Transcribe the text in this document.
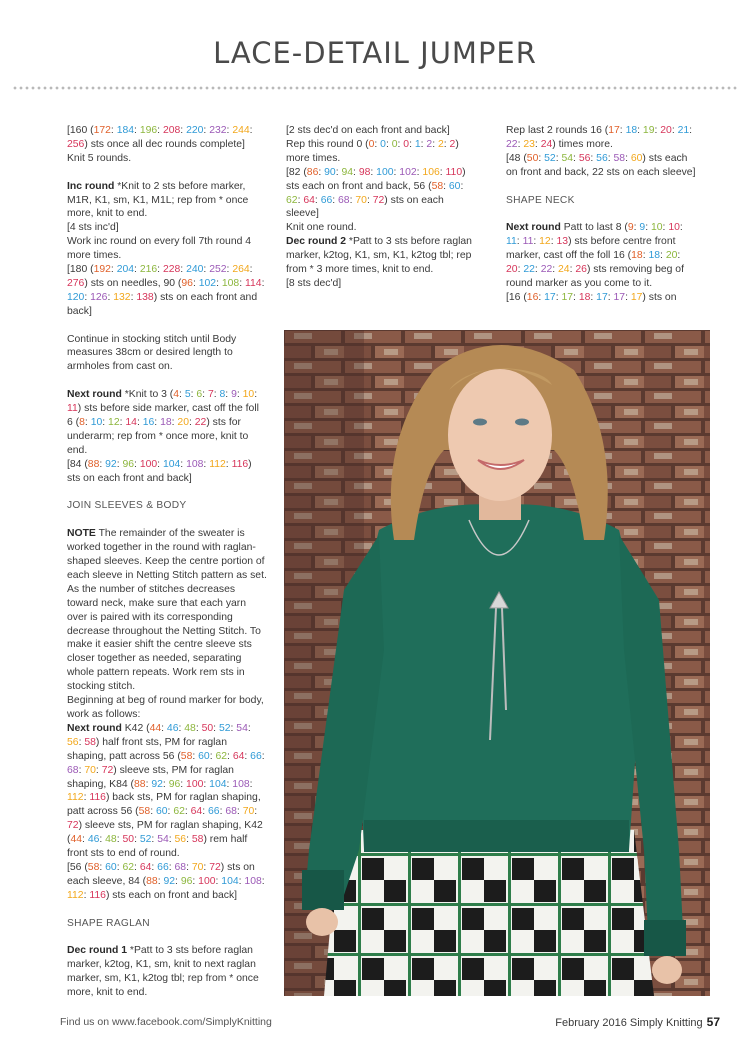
LACE-DETAIL JUMPER

[160 (172: 184: 196: 208: 220: 232: 244: 256) sts once all dec rounds complete]

Knit 5 rounds.

Inc round *Knit to 2 sts before marker, M1R, K1, sm, K1, M1L; rep from * once more, knit to end.

[4 sts inc'd]

Work inc round on every foll 7th round 4 more times.

[180 (192: 204: 216: 228: 240: 252: 264: 276) sts on needles, 90 (96: 102: 108: 114: 120: 126: 132: 138) sts on each front and back]

Continue in stocking stitch until Body measures 38cm or desired length to armholes from cast on.

Next round *Knit to 3 (4: 5: 6: 7: 8: 9: 10: 11) sts before side marker, cast off the foll 6 (8: 10: 12: 14: 16: 18: 20: 22) sts for underarm; rep from * once more, knit to end.

[84 (88: 92: 96: 100: 104: 108: 112: 116) sts on each front and back]

JOIN SLEEVES & BODY

NOTE The remainder of the sweater is worked together in the round with raglan-shaped sleeves. Keep the centre portion of each sleeve in Netting Stitch pattern as set. As the number of stitches decreases toward neck, make sure that each yarn over is paired with its corresponding decrease throughout the Netting Stitch. To make it easier shift the centre sleeve sts closer together as needed, separating whole pattern repeats. Work rem sts in stocking stitch.

Beginning at beg of round marker for body, work as follows:

Next round K42 (44: 46: 48: 50: 52: 54: 56: 58) half front sts, PM for raglan shaping, patt across 56 (58: 60: 62: 64: 66: 68: 70: 72) sleeve sts, PM for raglan shaping, K84 (88: 92: 96: 100: 104: 108: 112: 116) back sts, PM for raglan shaping, patt across 56 (58: 60: 62: 64: 66: 68: 70: 72) sleeve sts, PM for raglan shaping, K42 (44: 46: 48: 50: 52: 54: 56: 58) rem half front sts to end of round.

[56 (58: 60: 62: 64: 66: 68: 70: 72) sts on each sleeve, 84 (88: 92: 96: 100: 104: 108: 112: 116) sts each on front and back]

SHAPE RAGLAN

Dec round 1 *Patt to 3 sts before raglan marker, k2tog, K1, sm, knit to next raglan marker, sm, K1, k2tog tbl; rep from * once more, knit to end.

[2 sts dec'd on each front and back]

Rep this round 0 (0: 0: 0: 0: 1: 2: 2: 2) more times.

[82 (86: 90: 94: 98: 100: 102: 106: 110) sts each on front and back, 56 (58: 60: 62: 64: 66: 68: 70: 72) sts on each sleeve]

Knit one round.

Dec round 2 *Patt to 3 sts before raglan marker, k2tog, K1, sm, K1, k2tog tbl; rep from * 3 more times, knit to end.

[8 sts dec'd]

Rep last 2 rounds 16 (17: 18: 19: 20: 21: 22: 23: 24) times more.

[48 (50: 52: 54: 56: 56: 58: 60) sts each on front and back, 22 sts on each sleeve]

SHAPE NECK

Next round Patt to last 8 (9: 9: 10: 10: 11: 11: 12: 13) sts before centre front marker, cast off the foll 16 (18: 18: 20: 20: 22: 22: 24: 26) sts removing beg of round marker as you come to it.

[16 (16: 17: 17: 18: 17: 17: 17) sts on

Find us on www.facebook.com/SimplyKnitting	February 2016 Simply Knitting 57
